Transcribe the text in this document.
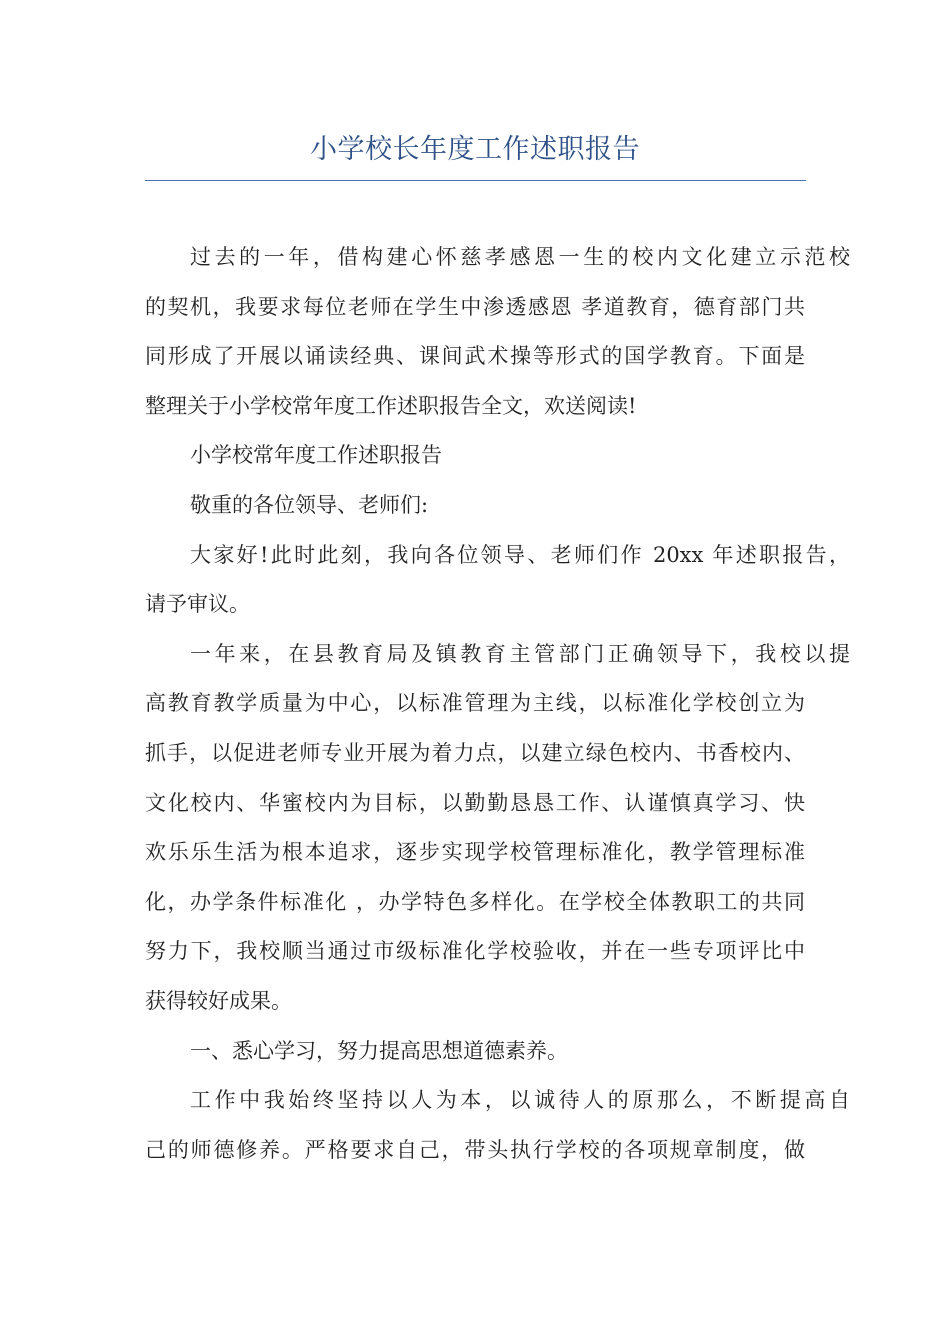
小学校长年度工作述职报告
过去的一年，借构建心怀慈孝感恩一生的校内文化建立示范校
的契机，我要求每位老师在学生中渗透感恩 孝道教育，德育部门共
同形成了开展以诵读经典、课间武术操等形式的国学教育。下面是
整理关于小学校常年度工作述职报告全文，欢送阅读!
小学校常年度工作述职报告
敬重的各位领导、老师们:
大家好!此时此刻，我向各位领导、老师们作 20xx 年述职报告，
请予审议。
一年来，在县教育局及镇教育主管部门正确领导下，我校以提
高教育教学质量为中心，以标准管理为主线，以标准化学校创立为
抓手，以促进老师专业开展为着力点，以建立绿色校内、书香校内、
文化校内、华蜜校内为目标，以勤勤恳恳工作、认谨慎真学习、快
欢乐乐生活为根本追求，逐步实现学校管理标准化，教学管理标准
化，办学条件标准化 ，办学特色多样化。在学校全体教职工的共同
努力下，我校顺当通过市级标准化学校验收，并在一些专项评比中
获得较好成果。
一、悉心学习，努力提高思想道德素养。
工作中我始终坚持以人为本，以诚待人的原那么，不断提高自
己的师德修养。严格要求自己，带头执行学校的各项规章制度，做
